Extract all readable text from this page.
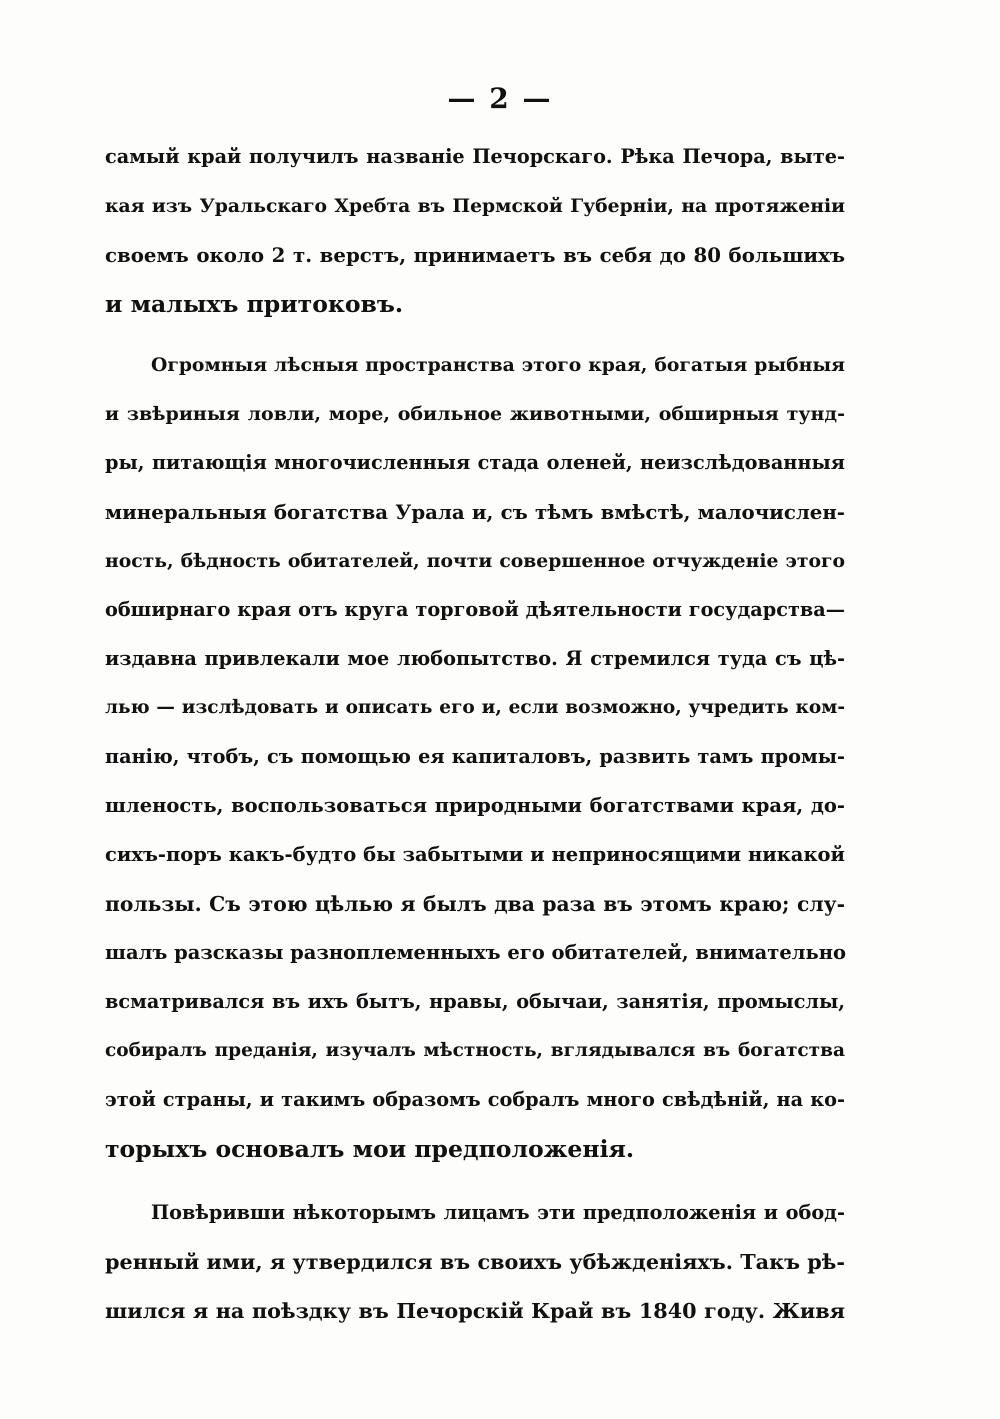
— 2 —
самый край получилъ названіе Печорскаго. Рѣка Печора, выте-
кая изъ Уральскаго Хребта въ Пермской Губерніи, на протяженіи
своемъ около 2 т. верстъ, принимаетъ въ себя до 80 большихъ
и малыхъ притоковъ.
Огромныя лѣсныя пространства этого края, богатыя рыбныя
и звѣриныя ловли, море, обильное животными, обширныя тунд-
ры, питающія многочисленныя стада оленей, неизслѣдованныя
минеральныя богатства Урала и, съ тѣмъ вмѣстѣ, малочислен-
ность, бѣдность обитателей, почти совершенное отчужденіе этого
обширнаго края отъ круга торговой дѣятельности государства—
издавна привлекали мое любопытство. Я стремился туда съ цѣ-
лью — изслѣдовать и описать его и, если возможно, учредить ком-
панію, чтобъ, съ помощью ея капиталовъ, развить тамъ промы-
шленость, воспользоваться природными богатствами края, до-
сихъ-поръ какъ-будто бы забытыми и неприносящими никакой
пользы. Съ этою цѣлью я былъ два раза въ этомъ краю; слу-
шалъ разсказы разноплеменныхъ его обитателей, внимательно
всматривался въ ихъ бытъ, нравы, обычаи, занятія, промыслы,
собиралъ преданія, изучалъ мѣстность, вглядывался въ богатства
этой страны, и такимъ образомъ собралъ много свѣдѣній, на ко-
торыхъ основалъ мои предположенія.
Повѣривши нѣкоторымъ лицамъ эти предположенія и обод-
ренный ими, я утвердился въ своихъ убѣжденіяхъ. Такъ рѣ-
шился я на поѣздку въ Печорскій Край въ 1840 году. Живя
